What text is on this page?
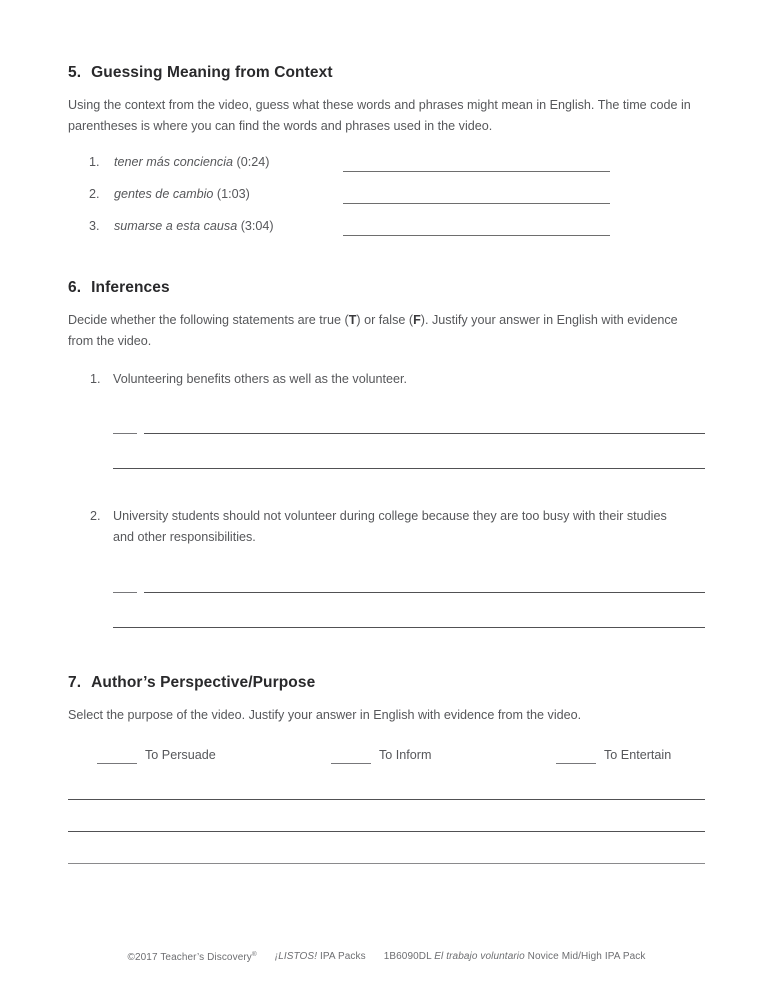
5. Guessing Meaning from Context
Using the context from the video, guess what these words and phrases might mean in English. The time code in parentheses is where you can find the words and phrases used in the video.
1.	tener más conciencia (0:24)
2.	gentes de cambio (1:03)
3.	sumarse a esta causa (3:04)
6. Inferences
Decide whether the following statements are true (T) or false (F). Justify your answer in English with evidence from the video.
1. Volunteering benefits others as well as the volunteer.
2. University students should not volunteer during college because they are too busy with their studies and other responsibilities.
7. Author’s Perspective/Purpose
Select the purpose of the video. Justify your answer in English with evidence from the video.
To Persuade	To Inform	To Entertain
©2017 Teacher’s Discovery® ¡LISTOS! IPA Packs 1B6090DL El trabajo voluntario Novice Mid/High IPA Pack
